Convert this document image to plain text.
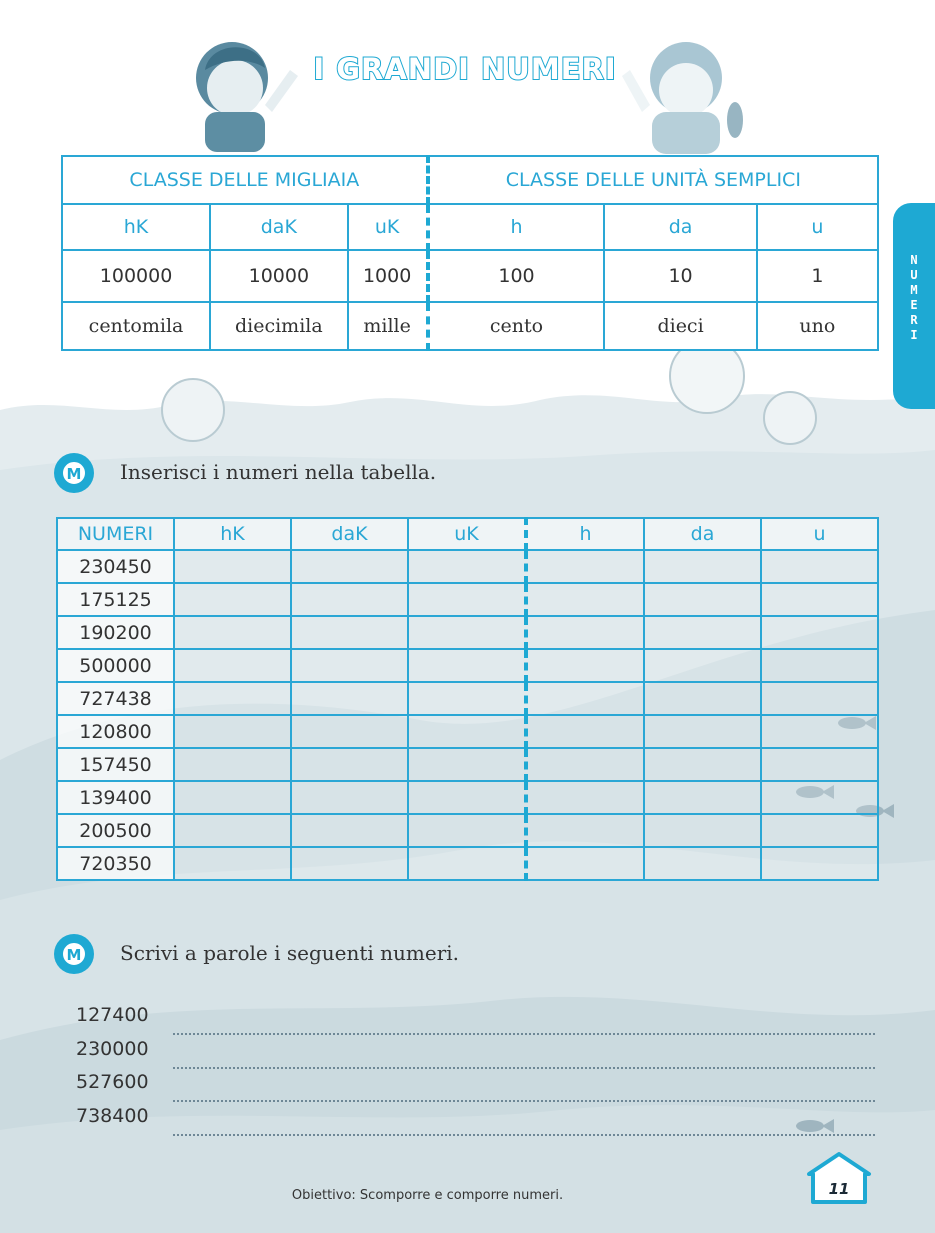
I GRANDI NUMERI
N
U
M
E
R
I
CLASSE DELLE MIGLIAIA			CLASSE DELLE UNITÀ SEMPLICI		
hK	daK	uK	h	da	u
100000	10000	1000	100	10	1
centomila	diecimila	mille	cento	dieci	uno
M Inserisci i numeri nella tabella.
NUMERI	hK	daK	uK	h	da	u
230450						
175125						
190200						
500000						
727438						
120800						
157450						
139400						
200500						
720350						
M Scrivi a parole i seguenti numeri.
127400
230000
527600
738400
Obiettivo: Scomporre e comporre numeri.	11
